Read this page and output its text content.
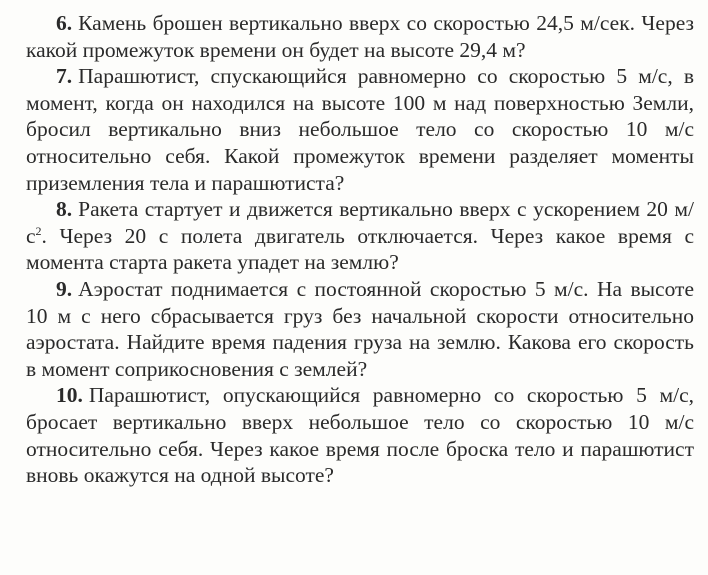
6. Камень брошен вертикально вверх со скоростью 24,5 м/сек. Через какой промежуток времени он будет на высоте 29,4 м?

7. Парашютист, спускающийся равномерно со скоростью 5 м/с, в момент, когда он находился на высоте 100 м над поверхностью Земли, бросил вертикально вниз небольшое тело со скоростью 10 м/с относительно себя. Какой промежуток времени разделяет моменты приземления тела и парашютиста?

8. Ракета стартует и движется вертикально вверх с ускорением 20 $м/с^2$. Через 20 с полета двигатель отключается. Через какое время с момента старта ракета упадет на землю?

9. Аэростат поднимается с постоянной скоростью 5 м/с. На высоте 10 м с него сбрасывается груз без начальной скорости относительно аэростата. Найдите время падения груза на землю. Какова его скорость в момент соприкосновения с землей?

10. Парашютист, опускающийся равномерно со скоростью 5 м/с, бросает вертикально вверх небольшое тело со скоростью 10 м/с относительно себя. Через какое время после броска тело и парашютист вновь окажутся на одной высоте?
